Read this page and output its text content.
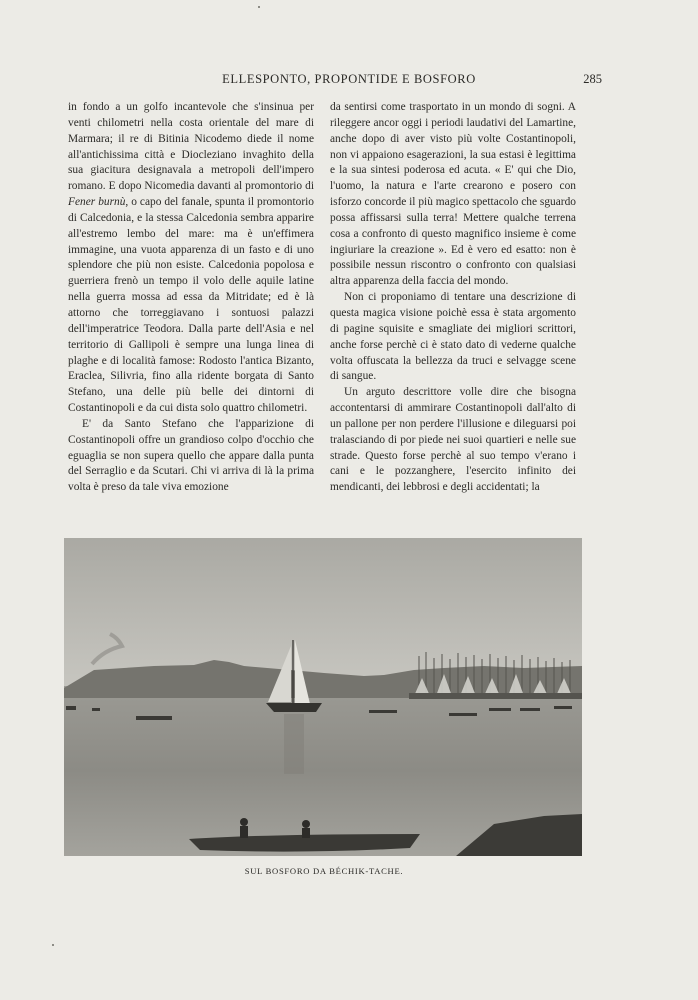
ELLESPONTO, PROPONTIDE E BOSFORO	285

in fondo a un golfo incantevole che s'insinua per venti chilometri nella costa orientale del mare di Marmara; il re di Bitinia Nicodemo diede il nome all'antichissima città e Diocleziano invaghito della sua giacitura designavala a metropoli dell'impero romano. E dopo Nicomedia davanti al promontorio di Fener burnù, o capo del fanale, spunta il promontorio di Calcedonia, e la stessa Calcedonia sembra apparire all'estremo lembo del mare: ma è un'effimera immagine, una vuota apparenza di un fasto e di uno splendore che più non esiste. Calcedonia popolosa e guerriera frenò un tempo il volo delle aquile latine nella guerra mossa ad essa da Mitridate; ed è là attorno che torreggiavano i sontuosi palazzi dell'imperatrice Teodora. Dalla parte dell'Asia e nel territorio di Gallipoli è sempre una lunga linea di plaghe e di località famose: Rodosto l'antica Bizanto, Eraclea, Silivria, fino alla ridente borgata di Santo Stefano, una delle più belle dei dintorni di Costantinopoli e da cui dista solo quattro chilometri.

E' da Santo Stefano che l'apparizione di Costantinopoli offre un grandioso colpo d'occhio che eguaglia se non supera quello che appare dalla punta del Serraglio e da Scutari. Chi vi arriva di là la prima volta è preso da tale viva emozione

da sentirsi come trasportato in un mondo di sogni. A rileggere ancor oggi i periodi laudativi del Lamartine, anche dopo di aver visto più volte Costantinopoli, non vi appaiono esagerazioni, la sua estasi è legittima e la sua sintesi poderosa ed acuta. « E' qui che Dio, l'uomo, la natura e l'arte crearono e posero con isforzo concorde il più magico spettacolo che sguardo possa affissarsi sulla terra! Mettere qualche terrena cosa a confronto di questo magnifico insieme è come ingiuriare la creazione ». Ed è vero ed esatto: non è possibile nessun riscontro o confronto con qualsiasi altra apparenza della faccia del mondo.

Non ci proponiamo di tentare una descrizione di questa magica visione poichè essa è stata argomento di pagine squisite e smagliate dei migliori scrittori, anche forse perchè ci è stato dato di vederne qualche volta offuscata la bellezza da truci e selvagge scene di sangue.

Un arguto descrittore volle dire che bisogna accontentarsi di ammirare Costantinopoli dall'alto di un pallone per non perdere l'illusione e dileguarsi poi tralasciando di por piede nei suoi quartieri e nelle sue strade. Questo forse perchè al suo tempo v'erano i cani e le pozzanghere, l'esercito infinito dei mendicanti, dei lebbrosi e degli accidentati; la

SUL BOSFORO DA BÉCHIK-TACHE.
